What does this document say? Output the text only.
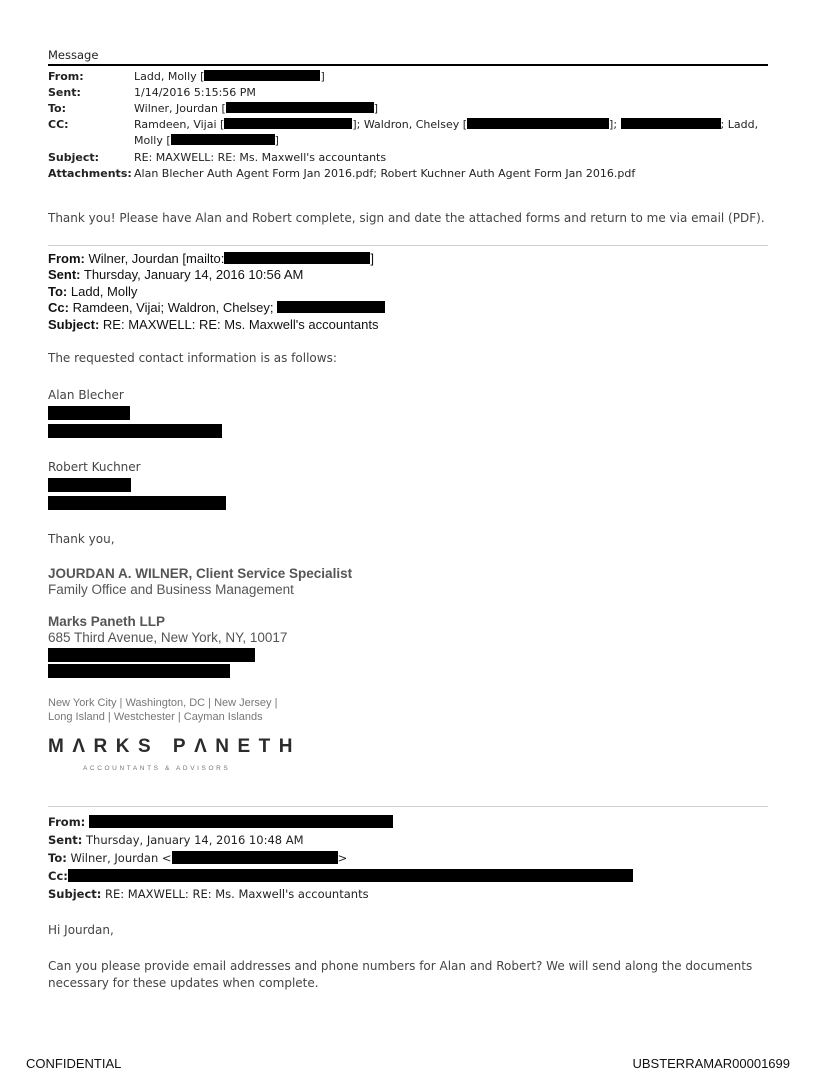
Message
From:	Ladd, Molly [	]
Sent:	1/14/2016 5:15:56 PM
To:	Wilner, Jourdan [	]
CC:	Ramdeen, Vijai [	]; Waldron, Chelsey [	];	; Ladd,
Molly [	]
Subject:	RE: MAXWELL: RE: Ms. Maxwell's accountants
Attachments: Alan Blecher Auth Agent Form Jan 2016.pdf; Robert Kuchner Auth Agent Form Jan 2016.pdf
Thank you! Please have Alan and Robert complete, sign and date the attached forms and return to me via email (PDF).
From: Wilner, Jourdan [mailto:	]
Sent: Thursday, January 14, 2016 10:56 AM
To: Ladd, Molly
Cc: Ramdeen, Vijai; Waldron, Chelsey;
Subject: RE: MAXWELL: RE: Ms. Maxwell's accountants
The requested contact information is as follows:
Alan Blecher
Robert Kuchner
Thank you,
JOURDAN A. WILNER, Client Service Specialist
Family Office and Business Management
Marks Paneth LLP
685 Third Avenue, New York, NY, 10017
New York City | Washington, DC | New Jersey |
Long Island | Westchester | Cayman Islands
MΛRKS PΛNETH
ACCOUNTANTS & ADVISORS
From:
Sent: Thursday, January 14, 2016 10:48 AM
To: Wilner, Jourdan <	>
Cc:
Subject: RE: MAXWELL: RE: Ms. Maxwell's accountants
Hi Jourdan,
Can you please provide email addresses and phone numbers for Alan and Robert? We will send along the documents
necessary for these updates when complete.
CONFIDENTIAL	UBSTERRAMAR00001699
